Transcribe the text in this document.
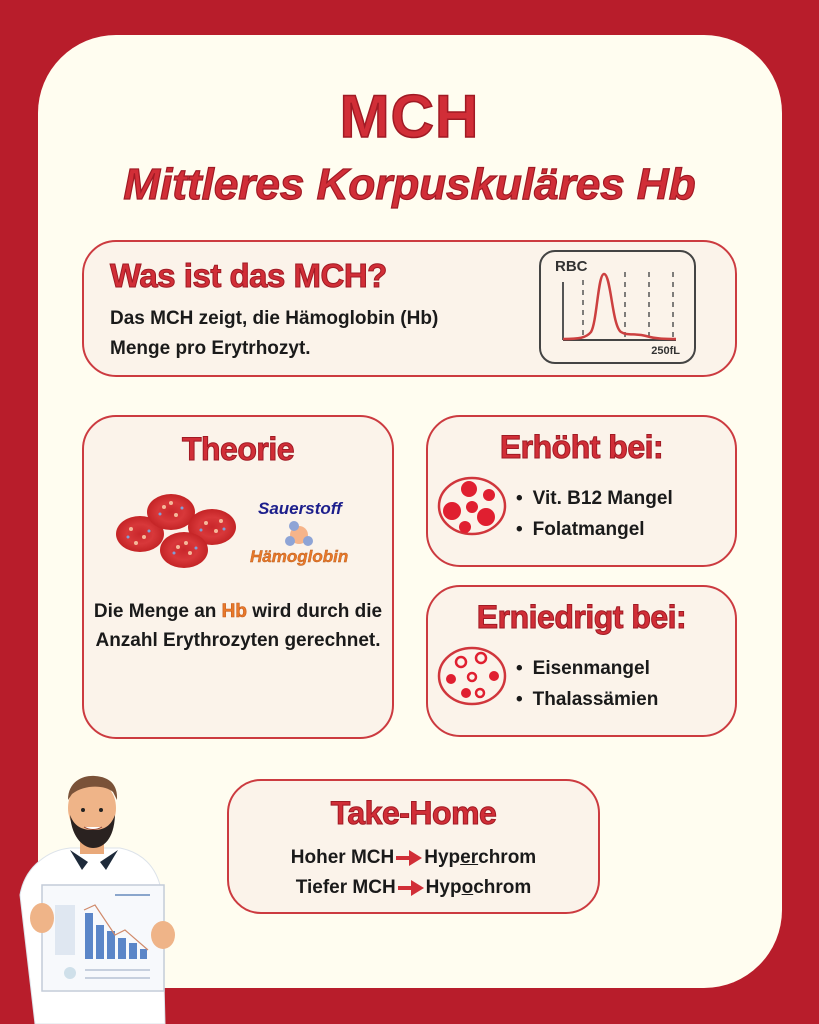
MCH
Mittleres Korpuskuläres Hb
Was ist das MCH?
Das MCH zeigt, die Hämoglobin (Hb)
Menge pro Erytrhozyt.
RBC
250fL
Theorie
Sauerstoff
Hämoglobin
Die Menge an Hb wird durch die Anzahl Erythrozyten gerechnet.
Erhöht bei:
• Vit. B12 Mangel
• Folatmangel
Erniedrigt bei:
• Eisenmangel
• Thalassämien
Take-Home
Hoher MCH Hyperchrom
Tiefer MCH Hypochrom
